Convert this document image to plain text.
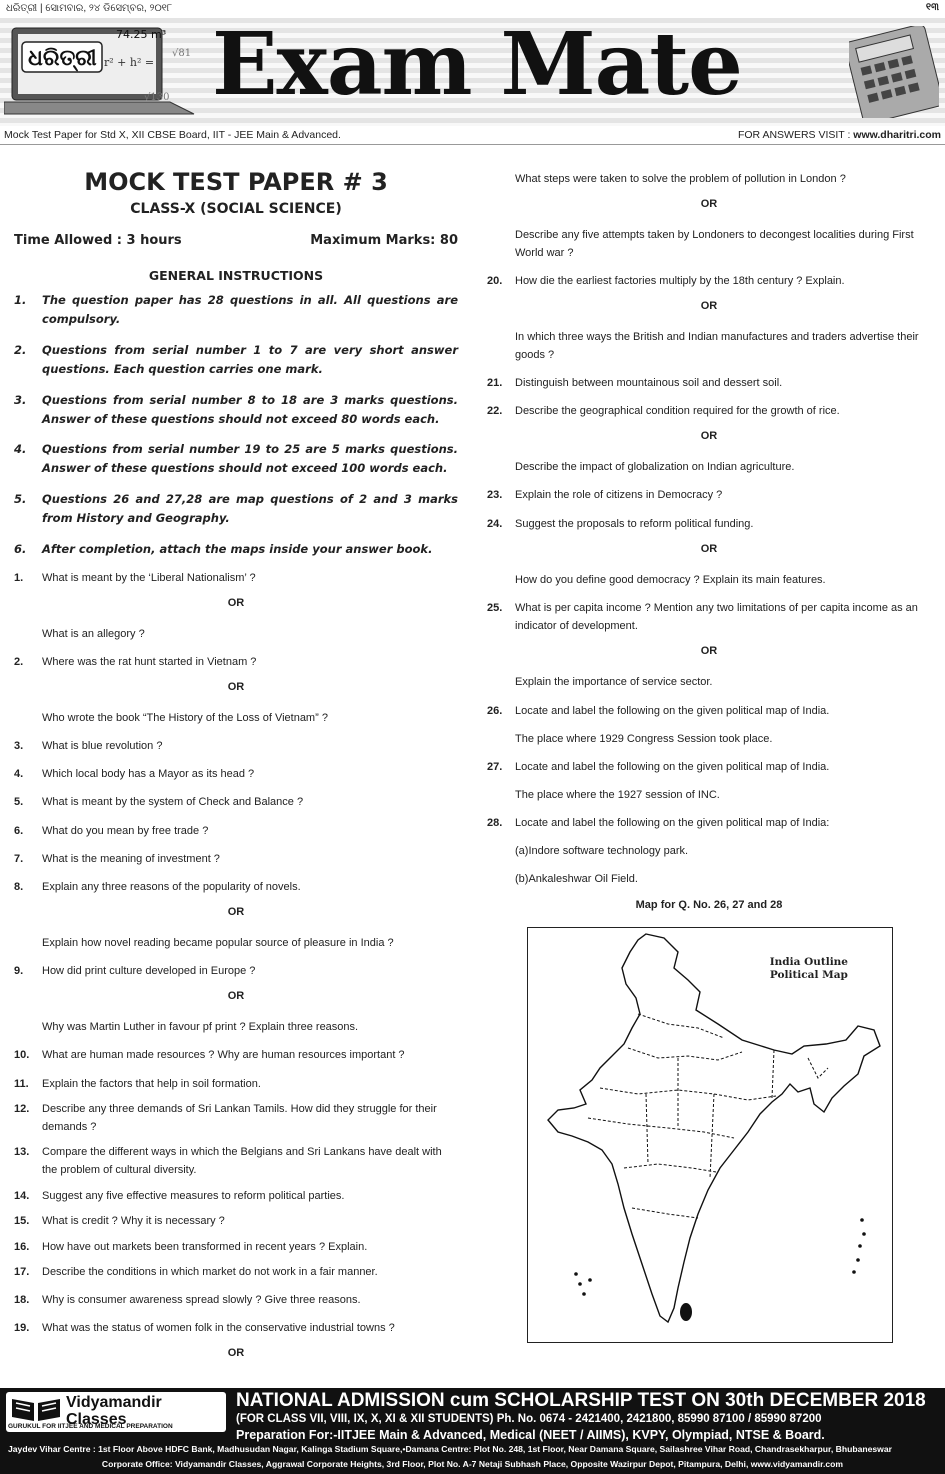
ଧରିତ୍ରୀ | ସୋମବାର, ୨୪ ଡିସେମ୍ବର, ୨୦୧୮	୧୩
74.25 m³
r² + h² =
√81
√130
ଧରିତ୍ରୀ Exam Mate
Mock Test Paper for Std X, XII CBSE Board, IIT - JEE Main & Advanced.	FOR ANSWERS VISIT : www.dharitri.com
MOCK TEST PAPER # 3
CLASS-X (SOCIAL SCIENCE)
Time Allowed : 3 hours	Maximum Marks: 80
GENERAL INSTRUCTIONS
1. The question paper has 28 questions in all. All questions are compulsory.
2. Questions from serial number 1 to 7 are very short answer questions. Each question carries one mark.
3. Questions from serial number 8 to 18 are 3 marks questions. Answer of these questions should not exceed 80 words each.
4. Questions from serial number 19 to 25 are 5 marks questions. Answer of these questions should not exceed 100 words each.
5. Questions 26 and 27,28 are map questions of 2 and 3 marks from History and Geography.
6. After completion, attach the maps inside your answer book.
1. What is meant by the ‘Liberal Nationalism’ ?
OR
What is an allegory ?
2. Where was the rat hunt started in Vietnam ?
OR
Who wrote the book “The History of the Loss of Vietnam” ?
3. What is blue revolution ?
4. Which local body has a Mayor as its head ?
5. What is meant by the system of Check and Balance ?
6. What do you mean by free trade ?
7. What is the meaning of investment ?
8. Explain any three reasons of the popularity of novels.
OR
Explain how novel reading became popular source of pleasure in India ?
9. How did print culture developed in Europe ?
OR
Why was Martin Luther in favour pf print ? Explain three reasons.
10. What are human made resources ? Why are human resources important ?
11. Explain the factors that help in soil formation.
12. Describe any three demands of Sri Lankan Tamils. How did they struggle for their demands ?
13. Compare the different ways in which the Belgians and Sri Lankans have dealt with the problem of cultural diversity.
14. Suggest any five effective measures to reform political parties.
15. What is credit ? Why it is necessary ?
16. How have out markets been transformed in recent years ? Explain.
17. Describe the conditions in which market do not work in a fair manner.
18. Why is consumer awareness spread slowly ? Give three reasons.
19. What was the status of women folk in the conservative industrial towns ?
OR
What steps were taken to solve the problem of pollution in London ?
OR
Describe any five attempts taken by Londoners to decongest localities during First World war ?
20. How die the earliest factories multiply by the 18th century ? Explain.
OR
In which three ways the British and Indian manufactures and traders advertise their goods ?
21. Distinguish between mountainous soil and dessert soil.
22. Describe the geographical condition required for the growth of rice.
OR
Describe the impact of globalization on Indian agriculture.
23. Explain the role of citizens in Democracy ?
24. Suggest the proposals to reform political funding.
OR
How do you define good democracy ? Explain its main features.
25. What is per capita income ? Mention any two limitations of per capita income as an indicator of development.
OR
Explain the importance of service sector.
26. Locate and label the following on the given political map of India.
The place where 1929 Congress Session took place.
27. Locate and label the following on the given political map of India.
The place where the 1927 session of INC.
28. Locate and label the following on the given political map of India:
(a)Indore software technology park.
(b)Ankaleshwar Oil Field.
Map for Q. No. 26, 27 and 28
India Outline
Political Map
Vidyamandir
Classes
GURUKUL FOR IITJEE AND MEDICAL PREPARATION
NATIONAL ADMISSION cum SCHOLARSHIP TEST ON 30th DECEMBER 2018
(FOR CLASS VII, VIII, IX, X, XI & XII STUDENTS) Ph. No. 0674 - 2421400, 2421800, 85990 87100 / 85990 87200
Preparation For:-IITJEE Main & Advanced, Medical (NEET / AIIMS), KVPY, Olympiad, NTSE & Board.
Jaydev Vihar Centre : 1st Floor Above HDFC Bank, Madhusudan Nagar, Kalinga Stadium Square,•Damana Centre: Plot No. 248, 1st Floor, Near Damana Square, Sailashree Vihar Road, Chandrasekharpur, Bhubaneswar
Corporate Office: Vidyamandir Classes, Aggrawal Corporate Heights, 3rd Floor, Plot No. A-7 Netaji Subhash Place, Opposite Wazirpur Depot, Pitampura, Delhi, www.vidyamandir.com
